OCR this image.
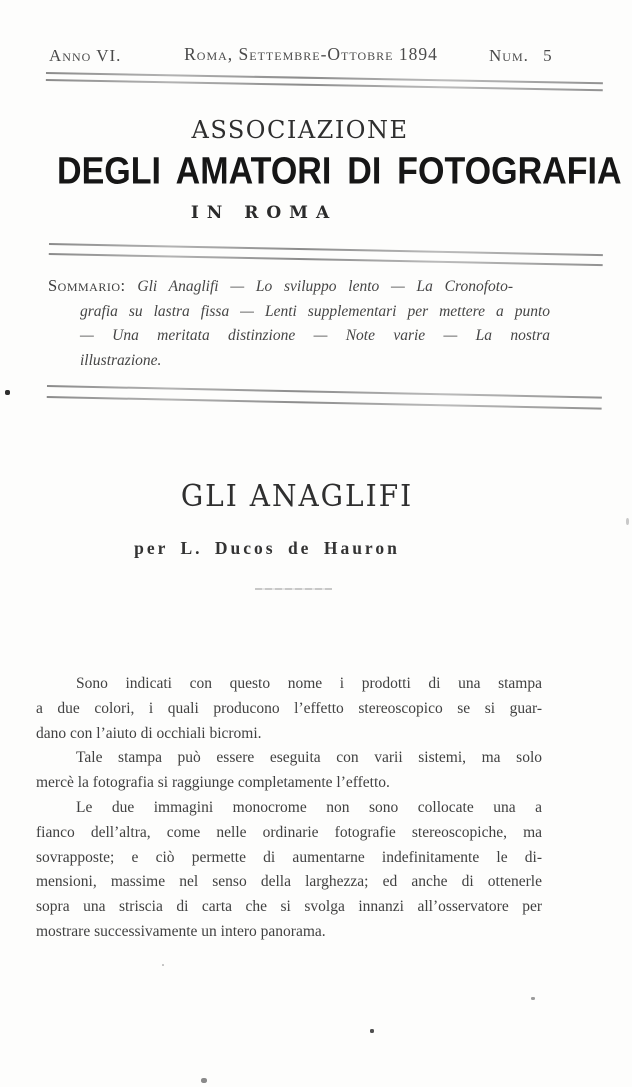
Anno VI.	Roma, Settembre-Ottobre 1894	Num. 5
ASSOCIAZIONE
DEGLI AMATORI DI FOTOGRAFIA
IN ROMA
Sommario: Gli Anaglifi — Lo sviluppo lento — La Cronofoto-
grafia su lastra fissa — Lenti supplementari per mettere a punto
— Una meritata distinzione — Note varie — La nostra
illustrazione.
GLI ANAGLIFI
per L. Ducos de Hauron
Sono indicati con questo nome i prodotti di una stampa
a due colori, i quali producono l’effetto stereoscopico se si guar-
dano con l’aiuto di occhiali bicromi.
Tale stampa può essere eseguita con varii sistemi, ma solo
mercè la fotografia si raggiunge completamente l’effetto.
Le due immagini monocrome non sono collocate una a
fianco dell’altra, come nelle ordinarie fotografie stereoscopiche, ma
sovrapposte; e ciò permette di aumentarne indefinitamente le di-
mensioni, massime nel senso della larghezza; ed anche di ottenerle
sopra una striscia di carta che si svolga innanzi all’osservatore per
mostrare successivamente un intero panorama.
